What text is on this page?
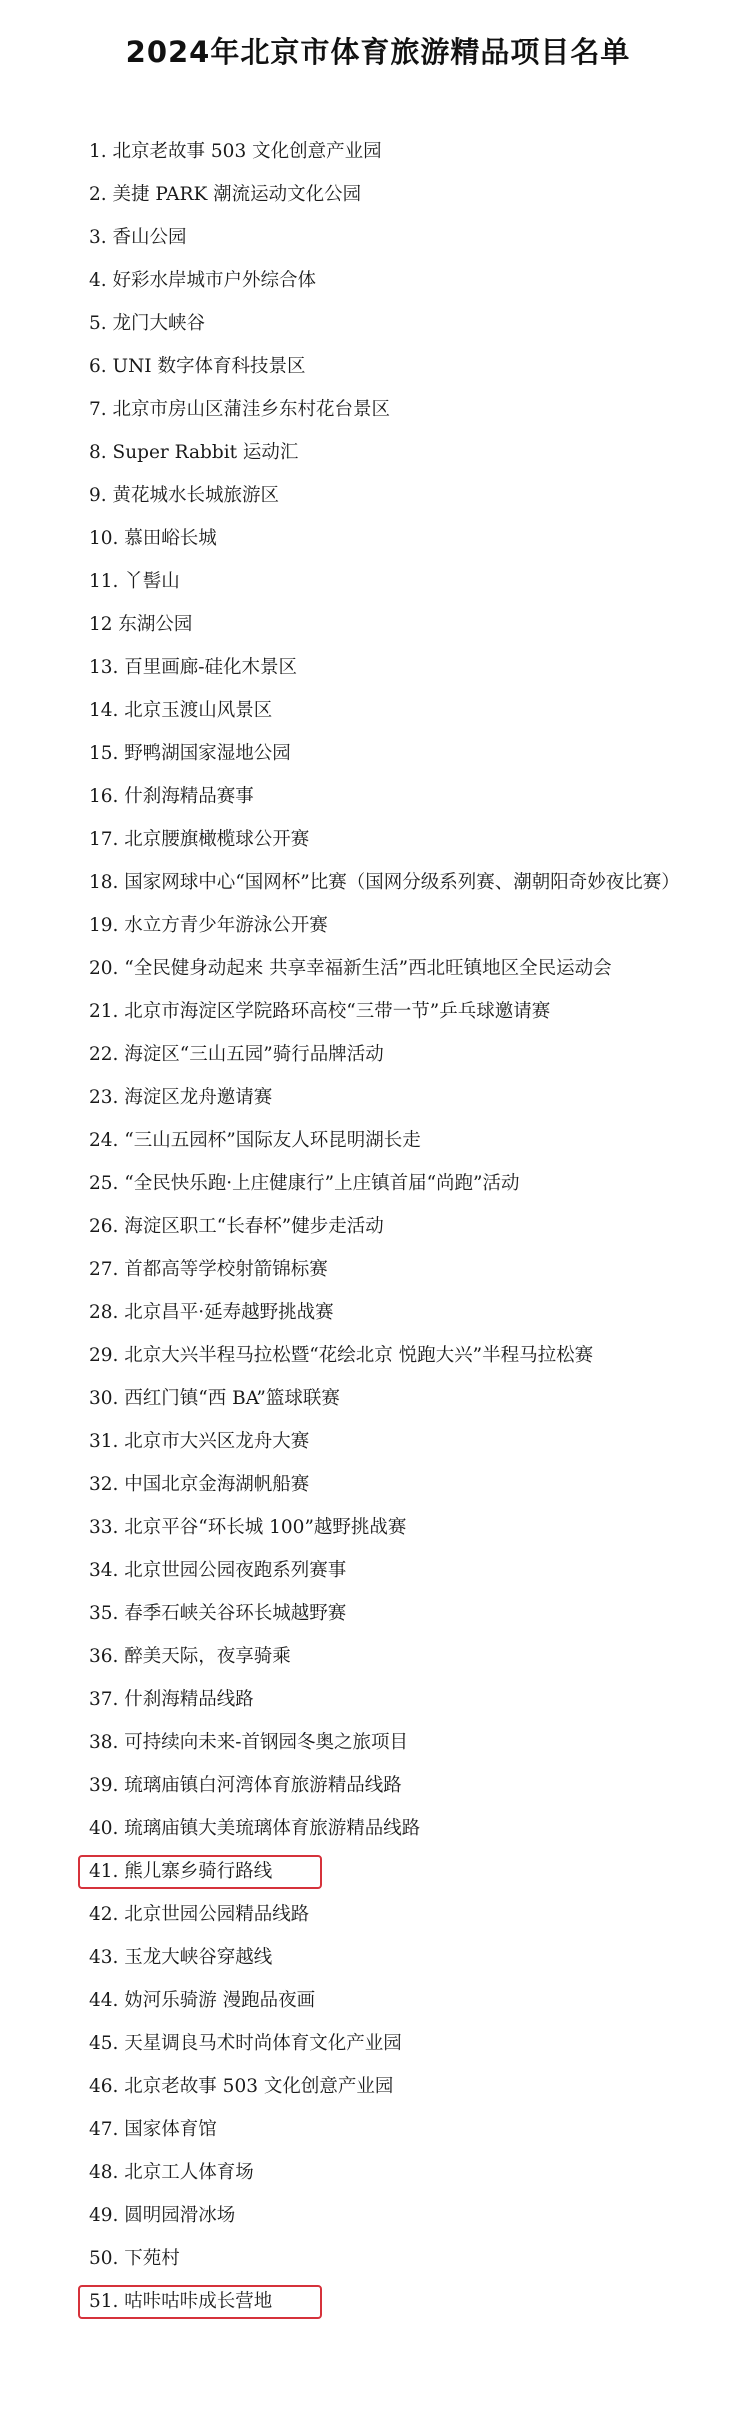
2024年北京市体育旅游精品项目名单
1. 北京老故事 503 文化创意产业园
2. 美捷 PARK 潮流运动文化公园
3. 香山公园
4. 好彩水岸城市户外综合体
5. 龙门大峡谷
6. UNI 数字体育科技景区
7. 北京市房山区蒲洼乡东村花台景区
8. Super Rabbit 运动汇
9. 黄花城水长城旅游区
10. 慕田峪长城
11. 丫髻山
12 东湖公园
13. 百里画廊-硅化木景区
14. 北京玉渡山风景区
15. 野鸭湖国家湿地公园
16. 什刹海精品赛事
17. 北京腰旗橄榄球公开赛
18. 国家网球中心“国网杯”比赛（国网分级系列赛、潮朝阳奇妙夜比赛）
19. 水立方青少年游泳公开赛
20. “全民健身动起来 共享幸福新生活”西北旺镇地区全民运动会
21. 北京市海淀区学院路环高校“三带一节”乒乓球邀请赛
22. 海淀区“三山五园”骑行品牌活动
23. 海淀区龙舟邀请赛
24. “三山五园杯”国际友人环昆明湖长走
25. “全民快乐跑·上庄健康行”上庄镇首届“尚跑”活动
26. 海淀区职工“长春杯”健步走活动
27. 首都高等学校射箭锦标赛
28. 北京昌平·延寿越野挑战赛
29. 北京大兴半程马拉松暨“花绘北京 悦跑大兴”半程马拉松赛
30. 西红门镇“西 BA”篮球联赛
31. 北京市大兴区龙舟大赛
32. 中国北京金海湖帆船赛
33. 北京平谷“环长城 100”越野挑战赛
34. 北京世园公园夜跑系列赛事
35. 春季石峡关谷环长城越野赛
36. 醉美天际，夜享骑乘
37. 什刹海精品线路
38. 可持续向未来-首钢园冬奥之旅项目
39. 琉璃庙镇白河湾体育旅游精品线路
40. 琉璃庙镇大美琉璃体育旅游精品线路
41. 熊儿寨乡骑行路线
42. 北京世园公园精品线路
43. 玉龙大峡谷穿越线
44. 妫河乐骑游 漫跑品夜画
45. 天星调良马术时尚体育文化产业园
46. 北京老故事 503 文化创意产业园
47. 国家体育馆
48. 北京工人体育场
49. 圆明园滑冰场
50. 下苑村
51. 咕咔咕咔成长营地
